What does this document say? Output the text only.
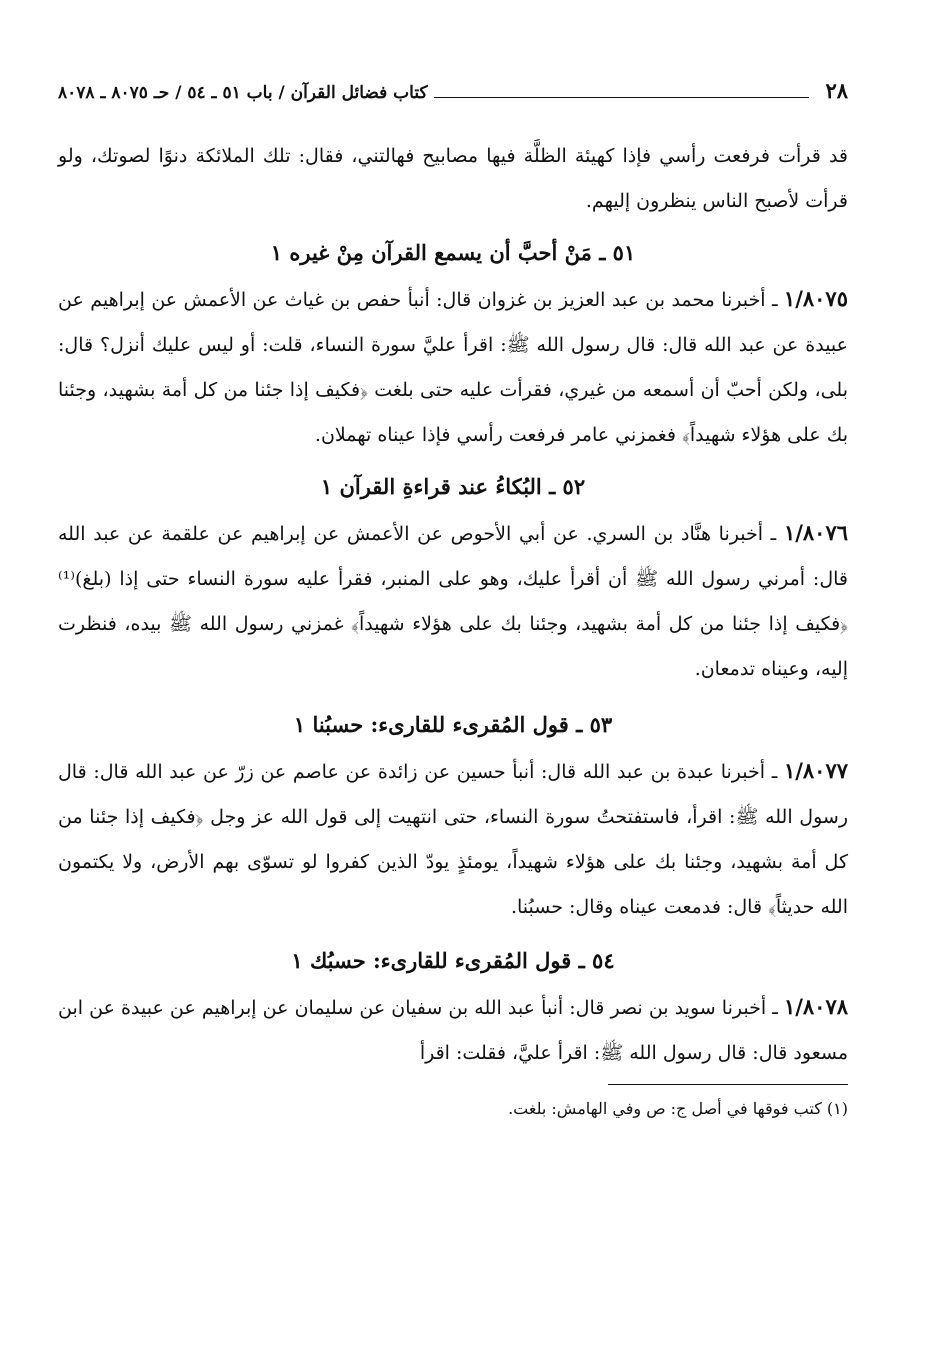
٢٨
كتاب فضائل القرآن / باب ٥١ ـ ٥٤ / حـ ٨٠٧٥ ـ ٨٠٧٨

قد قرأت فرفعت رأسي فإذا كهيئة الظلَّة فيها مصابيح فهالتني، فقال: تلك الملائكة دنوًا لصوتك، ولو قرأت لأصبح الناس ينظرون إليهم.

٥١ ـ مَنْ أحبَّ أن يسمع القرآن مِنْ غيره ١

١/٨٠٧٥ ـ أخبرنا محمد بن عبد العزيز بن غزوان قال: أنبأ حفص بن غياث عن الأعمش عن إبراهيم عن عبيدة عن عبد الله قال: قال رسول الله ﷺ: اقرأ عليَّ سورة النساء، قلت: أو ليس عليك أنزل؟ قال: بلى، ولكن أحبّ أن أسمعه من غيري، فقرأت عليه حتى بلغت ﴿فكيف إذا جئنا من كل أمة بشهيد، وجئنا بك على هؤلاء شهيداً﴾ فغمزني عامر فرفعت رأسي فإذا عيناه تهملان.

٥٢ ـ البُكاءُ عند قراءةِ القرآن ١

١/٨٠٧٦ ـ أخبرنا هنَّاد بن السري. عن أبي الأحوص عن الأعمش عن إبراهيم عن علقمة عن عبد الله قال: أمرني رسول الله ﷺ أن أقرأ عليك، وهو على المنبر، فقرأ عليه سورة النساء حتى إذا (بلغ)⁽¹⁾ ﴿فكيف إذا جئنا من كل أمة بشهيد، وجئنا بك على هؤلاء شهيداً﴾ غمزني رسول الله ﷺ بيده، فنظرت إليه، وعيناه تدمعان.

٥٣ ـ قول المُقرىء للقارىء: حسبُنا ١

١/٨٠٧٧ ـ أخبرنا عبدة بن عبد الله قال: أنبأ حسين عن زائدة عن عاصم عن زرّ عن عبد الله قال: قال رسول الله ﷺ: اقرأ، فاستفتحتُ سورة النساء، حتى انتهيت إلى قول الله عز وجل ﴿فكيف إذا جئنا من كل أمة بشهيد، وجئنا بك على هؤلاء شهيداً، يومئذٍ يودّ الذين كفروا لو تسوّى بهم الأرض، ولا يكتمون الله حديثاً﴾ قال: فدمعت عيناه وقال: حسبُنا.

٥٤ ـ قول المُقرىء للقارىء: حسبُك ١

١/٨٠٧٨ ـ أخبرنا سويد بن نصر قال: أنبأ عبد الله بن سفيان عن سليمان عن إبراهيم عن عبيدة عن ابن مسعود قال: قال رسول الله ﷺ: اقرأ عليَّ، فقلت: اقرأ

(١) كتب فوقها في أصل ج: ص وفي الهامش: بلغت.
